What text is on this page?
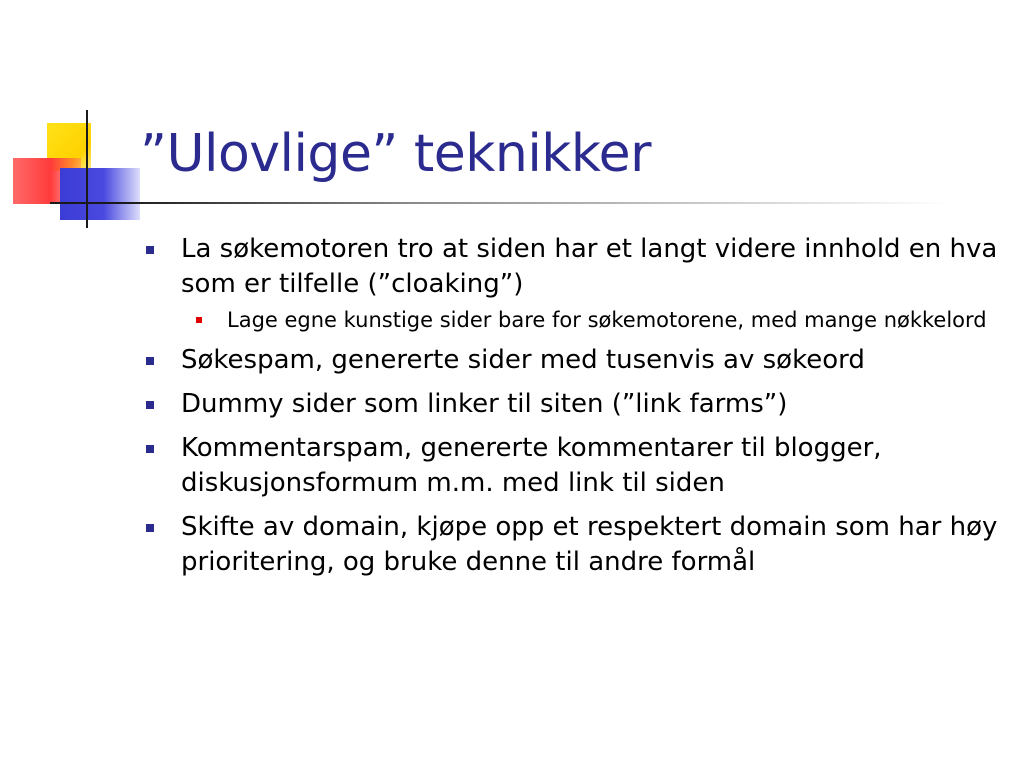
”Ulovlige” teknikker
La søkemotoren tro at siden har et langt videre innhold en hva som er tilfelle (”cloaking”)
Lage egne kunstige sider bare for søkemotorene, med mange nøkkelord
Søkespam, genererte sider med tusenvis av søkeord
Dummy sider som linker til siten (”link farms”)
Kommentarspam, genererte kommentarer til blogger, diskusjonsformum m.m. med link til siden
Skifte av domain, kjøpe opp et respektert domain som har høy prioritering, og bruke denne til andre formål
